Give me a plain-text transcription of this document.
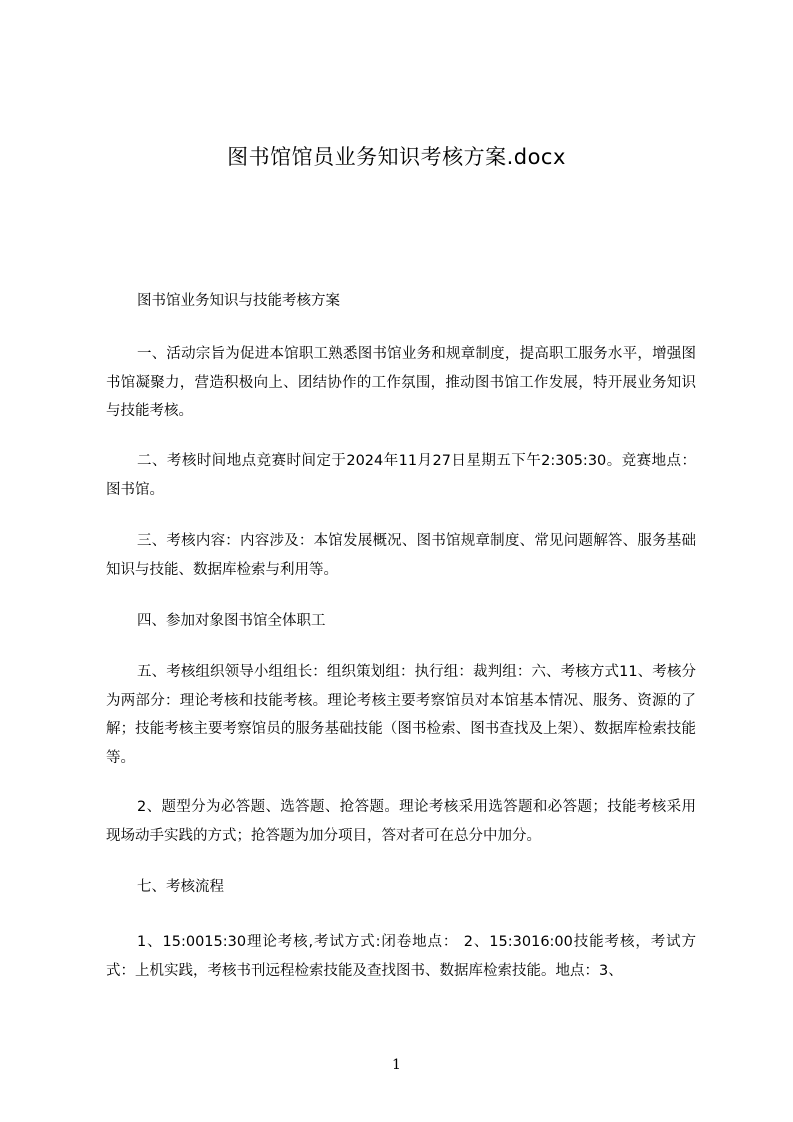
图书馆馆员业务知识考核方案.docx

图书馆业务知识与技能考核方案

一、活动宗旨为促进本馆职工熟悉图书馆业务和规章制度，提高职工服务水平，增强图书馆凝聚力，营造积极向上、团结协作的工作氛围，推动图书馆工作发展，特开展业务知识与技能考核。

二、考核时间地点竞赛时间定于2024年11月27日星期五下午2:305:30。竞赛地点：图书馆。

三、考核内容：内容涉及：本馆发展概况、图书馆规章制度、常见问题解答、服务基础知识与技能、数据库检索与利用等。

四、参加对象图书馆全体职工

五、考核组织领导小组组长：组织策划组：执行组：裁判组：六、考核方式11、考核分为两部分：理论考核和技能考核。理论考核主要考察馆员对本馆基本情况、服务、资源的了解；技能考核主要考察馆员的服务基础技能（图书检索、图书查找及上架）、数据库检索技能等。

2、题型分为必答题、选答题、抢答题。理论考核采用选答题和必答题；技能考核采用现场动手实践的方式；抢答题为加分项目，答对者可在总分中加分。

七、考核流程

1、15:0015:30理论考核,考试方式:闭卷地点： 2、15:3016:00技能考核，考试方式：上机实践，考核书刊远程检索技能及查找图书、数据库检索技能。地点：3、

1
